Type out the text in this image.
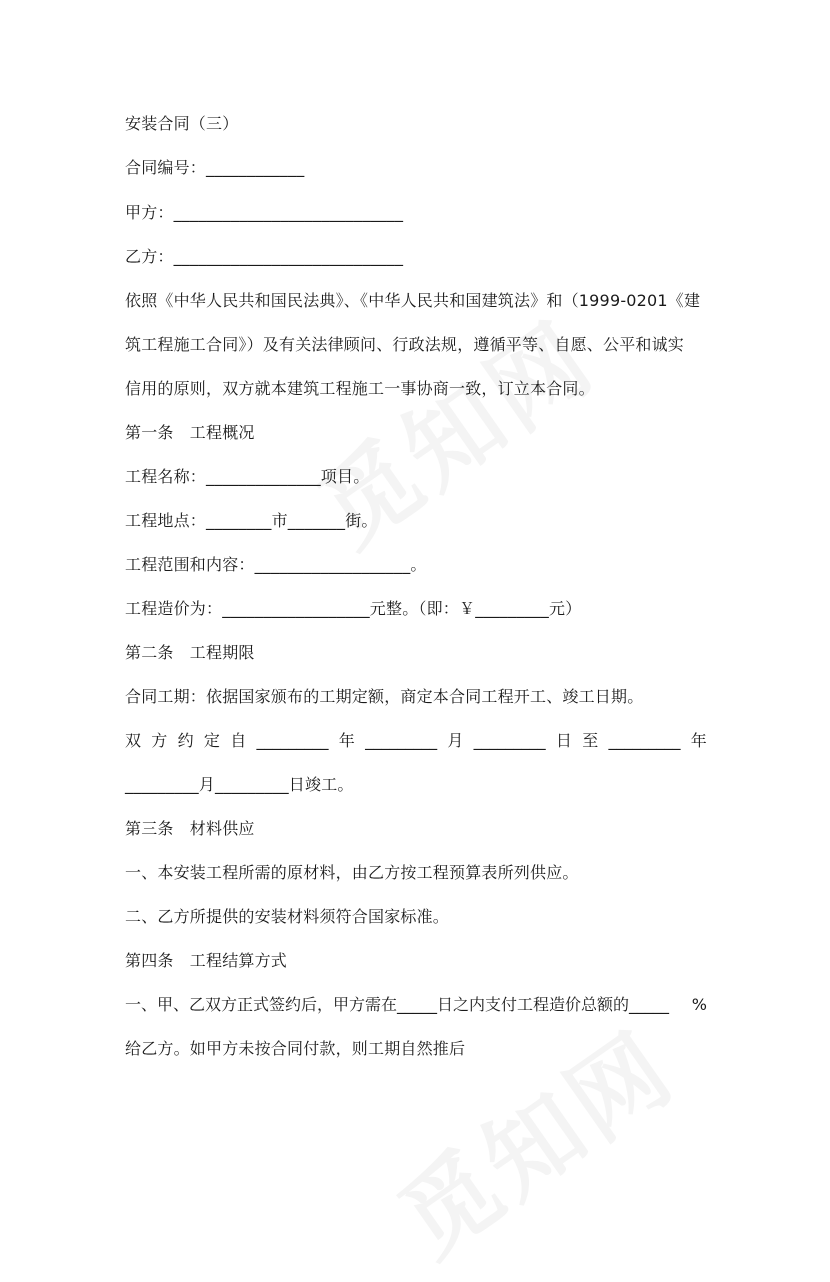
安装合同（三）
合同编号：____________
甲方：____________________________
乙方：____________________________
依照《中华人民共和国民法典》、《中华人民共和国建筑法》和（1999-0201《建
筑工程施工合同》）及有关法律顾问、行政法规，遵循平等、自愿、公平和诚实
信用的原则，双方就本建筑工程施工一事协商一致，订立本合同。
第一条　工程概况
工程名称：______________项目。
工程地点：________市_______街。
工程范围和内容：___________________。
工程造价为：__________________元整。（即：￥_________元）
第二条　工程期限
合同工期：依据国家颁布的工期定额，商定本合同工程开工、竣工日期。
双 方 约 定 自 _________ 年 _________ 月 _________ 日 至 _________ 年
_________月_________日竣工。
第三条　材料供应
一、本安装工程所需的原材料，由乙方按工程预算表所列供应。
二、乙方所提供的安装材料须符合国家标准。
第四条　工程结算方式
一、甲、乙双方正式签约后，甲方需在_____日之内支付工程造价总额的_____ %
给乙方。如甲方未按合同付款，则工期自然推后
